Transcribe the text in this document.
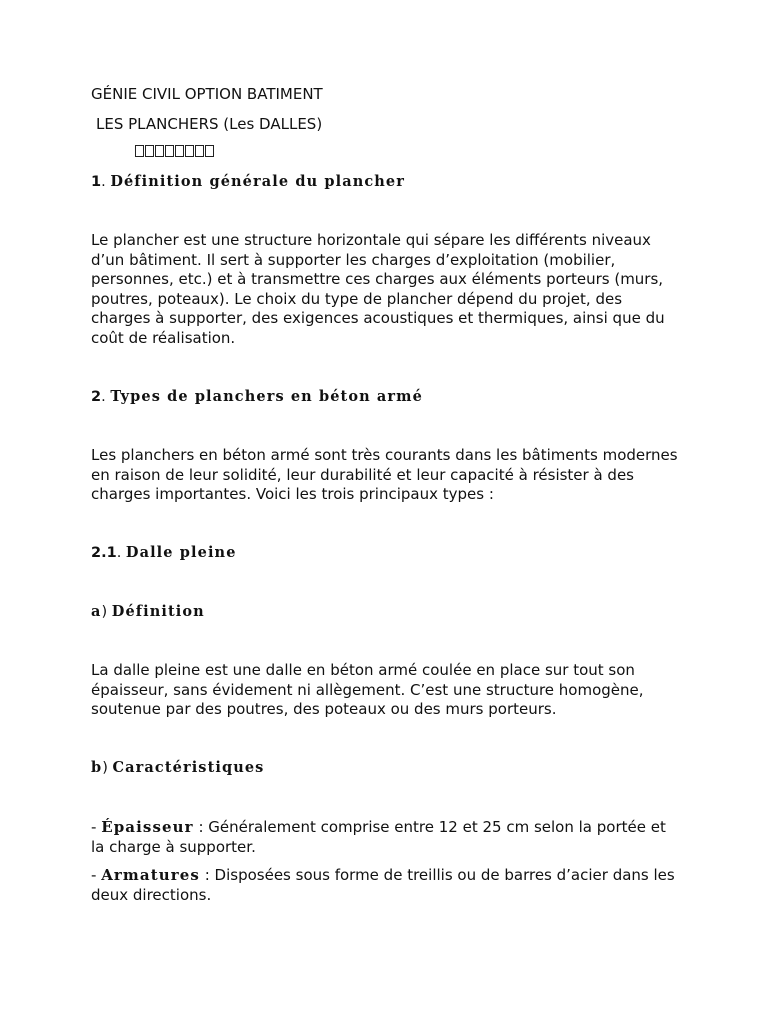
GÉNIE CIVIL OPTION BATIMENT
LES PLANCHERS (Les DALLES)
1. Définition générale du plancher
Le plancher est une structure horizontale qui sépare les différents niveaux d’un bâtiment. Il sert à supporter les charges d’exploitation (mobilier, personnes, etc.) et à transmettre ces charges aux éléments porteurs (murs, poutres, poteaux). Le choix du type de plancher dépend du projet, des charges à supporter, des exigences acoustiques et thermiques, ainsi que du coût de réalisation.
2. Types de planchers en béton armé
Les planchers en béton armé sont très courants dans les bâtiments modernes en raison de leur solidité, leur durabilité et leur capacité à résister à des charges importantes. Voici les trois principaux types :
2.1. Dalle pleine
a) Définition
La dalle pleine est une dalle en béton armé coulée en place sur tout son épaisseur, sans évidement ni allègement. C’est une structure homogène, soutenue par des poutres, des poteaux ou des murs porteurs.
b) Caractéristiques
- Épaisseur : Généralement comprise entre 12 et 25 cm selon la portée et la charge à supporter.
- Armatures : Disposées sous forme de treillis ou de barres d’acier dans les deux directions.
